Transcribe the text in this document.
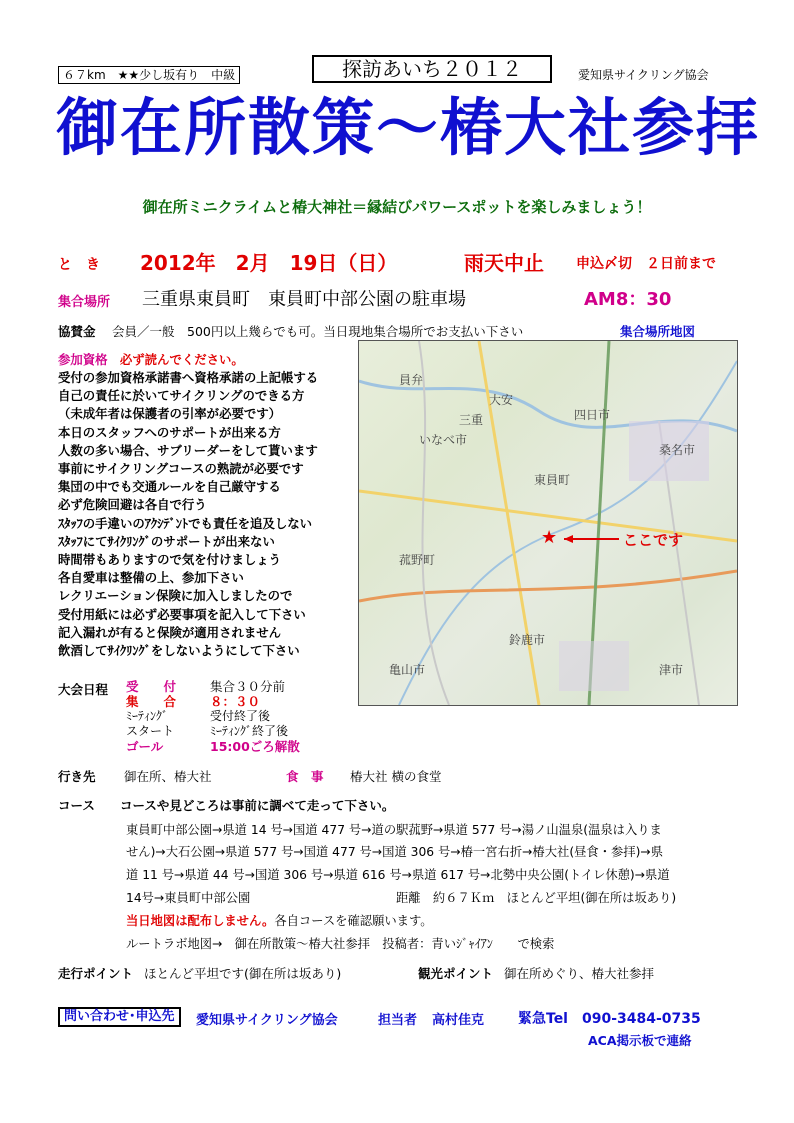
６７km　★★少し坂有り　中級	探訪あいち２０１２	愛知県サイクリング協会
御在所散策～椿大社参拝
御在所ミニクライムと椿大神社＝縁結びパワースポットを楽しみましょう！
と　き 2012年　2月　19日（日）	雨天中止 申込〆切　２日前まで
集合場所 三重県東員町　東員町中部公園の駐車場	AM8：30
協賛金 会員／一般　500円以上幾らでも可。当日現地集合場所でお支払い下さい	集合場所地図
参加資格 必ず読んでください。
受付の参加資格承諾書へ資格承諾の上記帳する
自己の責任に於いてサイクリングのできる方
（未成年者は保護者の引率が必要です）
本日のスタッフへのサポートが出来る方
人数の多い場合、サブリーダーをして貰います
事前にサイクリングコースの熟読が必要です
集団の中でも交通ルールを自己厳守する
必ず危険回避は各自で行う
ｽﾀｯﾌの手違いのｱｸｼﾃﾞﾝﾄでも責任を追及しない
ｽﾀｯﾌにてｻｲｸﾘﾝｸﾞのサポートが出来ない
時間帯もありますので気を付けましょう
各自愛車は整備の上、参加下さい
レクリエーション保険に加入しましたので
受付用紙には必ず必要事項を記入して下さい
記入漏れが有ると保険が適用されません
飲酒してｻｲｸﾘﾝｸﾞをしないようにして下さい
四日市
桑名市
東員町
いなべ市
菰野町
鈴鹿市
亀山市	津市
大安
員弁
三重
★	ここです
大会日程 受　　付	集合３０分前
集　　合	８：３０
ﾐｰﾃｨﾝｸﾞ	受付終了後
スタート	ﾐｰﾃｨﾝｸﾞ終了後
ゴール	15:00ごろ解散
行き先 御在所、椿大社	食　事 椿大社 横の食堂
コース コースや見どころは事前に調べて走って下さい。
東員町中部公園→県道 14 号→国道 477 号→道の駅菰野→県道 577 号→湯ノ山温泉(温泉は入りま
せん)→大石公園→県道 577 号→国道 477 号→国道 306 号→椿一宮右折→椿大社(昼食・参拝)→県
道 11 号→県道 44 号→国道 306 号→県道 616 号→県道 617 号→北勢中央公園(トイレ休憩)→県道
14号→東員町中部公園	距離　約６７Ｋｍ　ほとんど平坦(御在所は坂あり)
当日地図は配布しません。各自コースを確認願います。
ルートラボ地図→　御在所散策～椿大社参拝　投稿者：青いｼﾞｬｲｱﾝ　　で検索
走行ポイント ほとんど平坦です(御在所は坂あり)	観光ポイント 御在所めぐり、椿大社参拝
問い合わせ･申込先	愛知県サイクリング協会	担当者 高村佳克 緊急Tel　090-3484-0735
ACA掲示板で連絡
